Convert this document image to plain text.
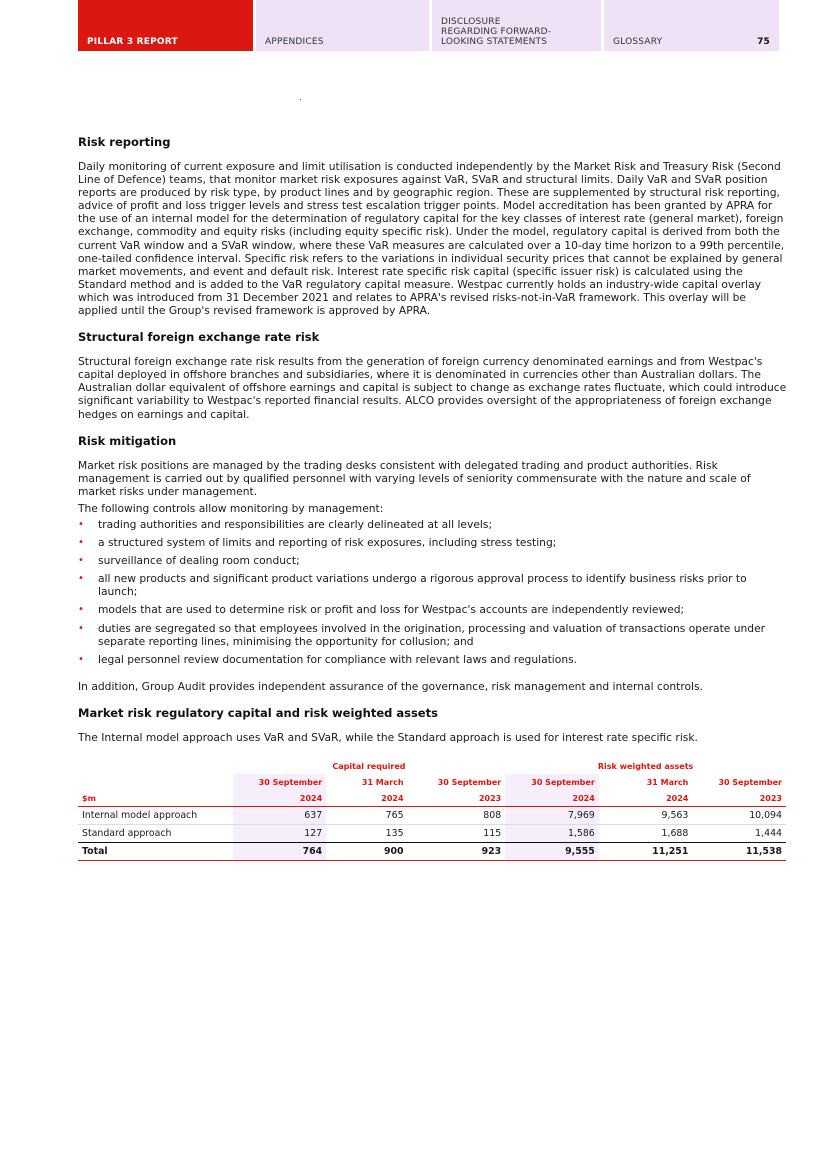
PILLAR 3 REPORT	APPENDICES
DISCLOSURE
REGARDING FORWARD-
LOOKING STATEMENTS	GLOSSARY	75
Risk reporting

Daily monitoring of current exposure and limit utilisation is conducted independently by the Market Risk and Treasury Risk (Second Line of Defence) teams, that monitor market risk exposures against VaR, SVaR and structural limits. Daily VaR and SVaR position reports are produced by risk type, by product lines and by geographic region. These are supplemented by structural risk reporting, advice of profit and loss trigger levels and stress test escalation trigger points. Model accreditation has been granted by APRA for the use of an internal model for the determination of regulatory capital for the key classes of interest rate (general market), foreign exchange, commodity and equity risks (including equity specific risk). Under the model, regulatory capital is derived from both the current VaR window and a SVaR window, where these VaR measures are calculated over a 10-day time horizon to a 99th percentile, one-tailed confidence interval. Specific risk refers to the variations in individual security prices that cannot be explained by general market movements, and event and default risk. Interest rate specific risk capital (specific issuer risk) is calculated using the Standard method and is added to the VaR regulatory capital measure. Westpac currently holds an industry-wide capital overlay which was introduced from 31 December 2021 and relates to APRA's revised risks-not-in-VaR framework. This overlay will be applied until the Group's revised framework is approved by APRA.

Structural foreign exchange rate risk

Structural foreign exchange rate risk results from the generation of foreign currency denominated earnings and from Westpac's capital deployed in offshore branches and subsidiaries, where it is denominated in currencies other than Australian dollars. The Australian dollar equivalent of offshore earnings and capital is subject to change as exchange rates fluctuate, which could introduce significant variability to Westpac's reported financial results. ALCO provides oversight of the appropriateness of foreign exchange hedges on earnings and capital.

Risk mitigation

Market risk positions are managed by the trading desks consistent with delegated trading and product authorities. Risk management is carried out by qualified personnel with varying levels of seniority commensurate with the nature and scale of market risks under management.

The following controls allow monitoring by management:

• trading authorities and responsibilities are clearly delineated at all levels;
• a structured system of limits and reporting of risk exposures, including stress testing;
• surveillance of dealing room conduct;
• all new products and significant product variations undergo a rigorous approval process to identify business risks prior to launch;
• models that are used to determine risk or profit and loss for Westpac's accounts are independently reviewed;
• duties are segregated so that employees involved in the origination, processing and valuation of transactions operate under separate reporting lines, minimising the opportunity for collusion; and
• legal personnel review documentation for compliance with relevant laws and regulations.

In addition, Group Audit provides independent assurance of the governance, risk management and internal controls.

Market risk regulatory capital and risk weighted assets

The Internal model approach uses VaR and SVaR, while the Standard approach is used for interest rate specific risk.

	Capital required			Risk weighted assets		
	30 September	31 March	30 September	30 September	31 March	30 September
$m	2024	2024	2023	2024	2024	2023
Internal model approach	637	765	808	7,969	9,563	10,094
Standard approach	127	135	115	1,586	1,688	1,444
Total	764	900	923	9,555	11,251	11,538
